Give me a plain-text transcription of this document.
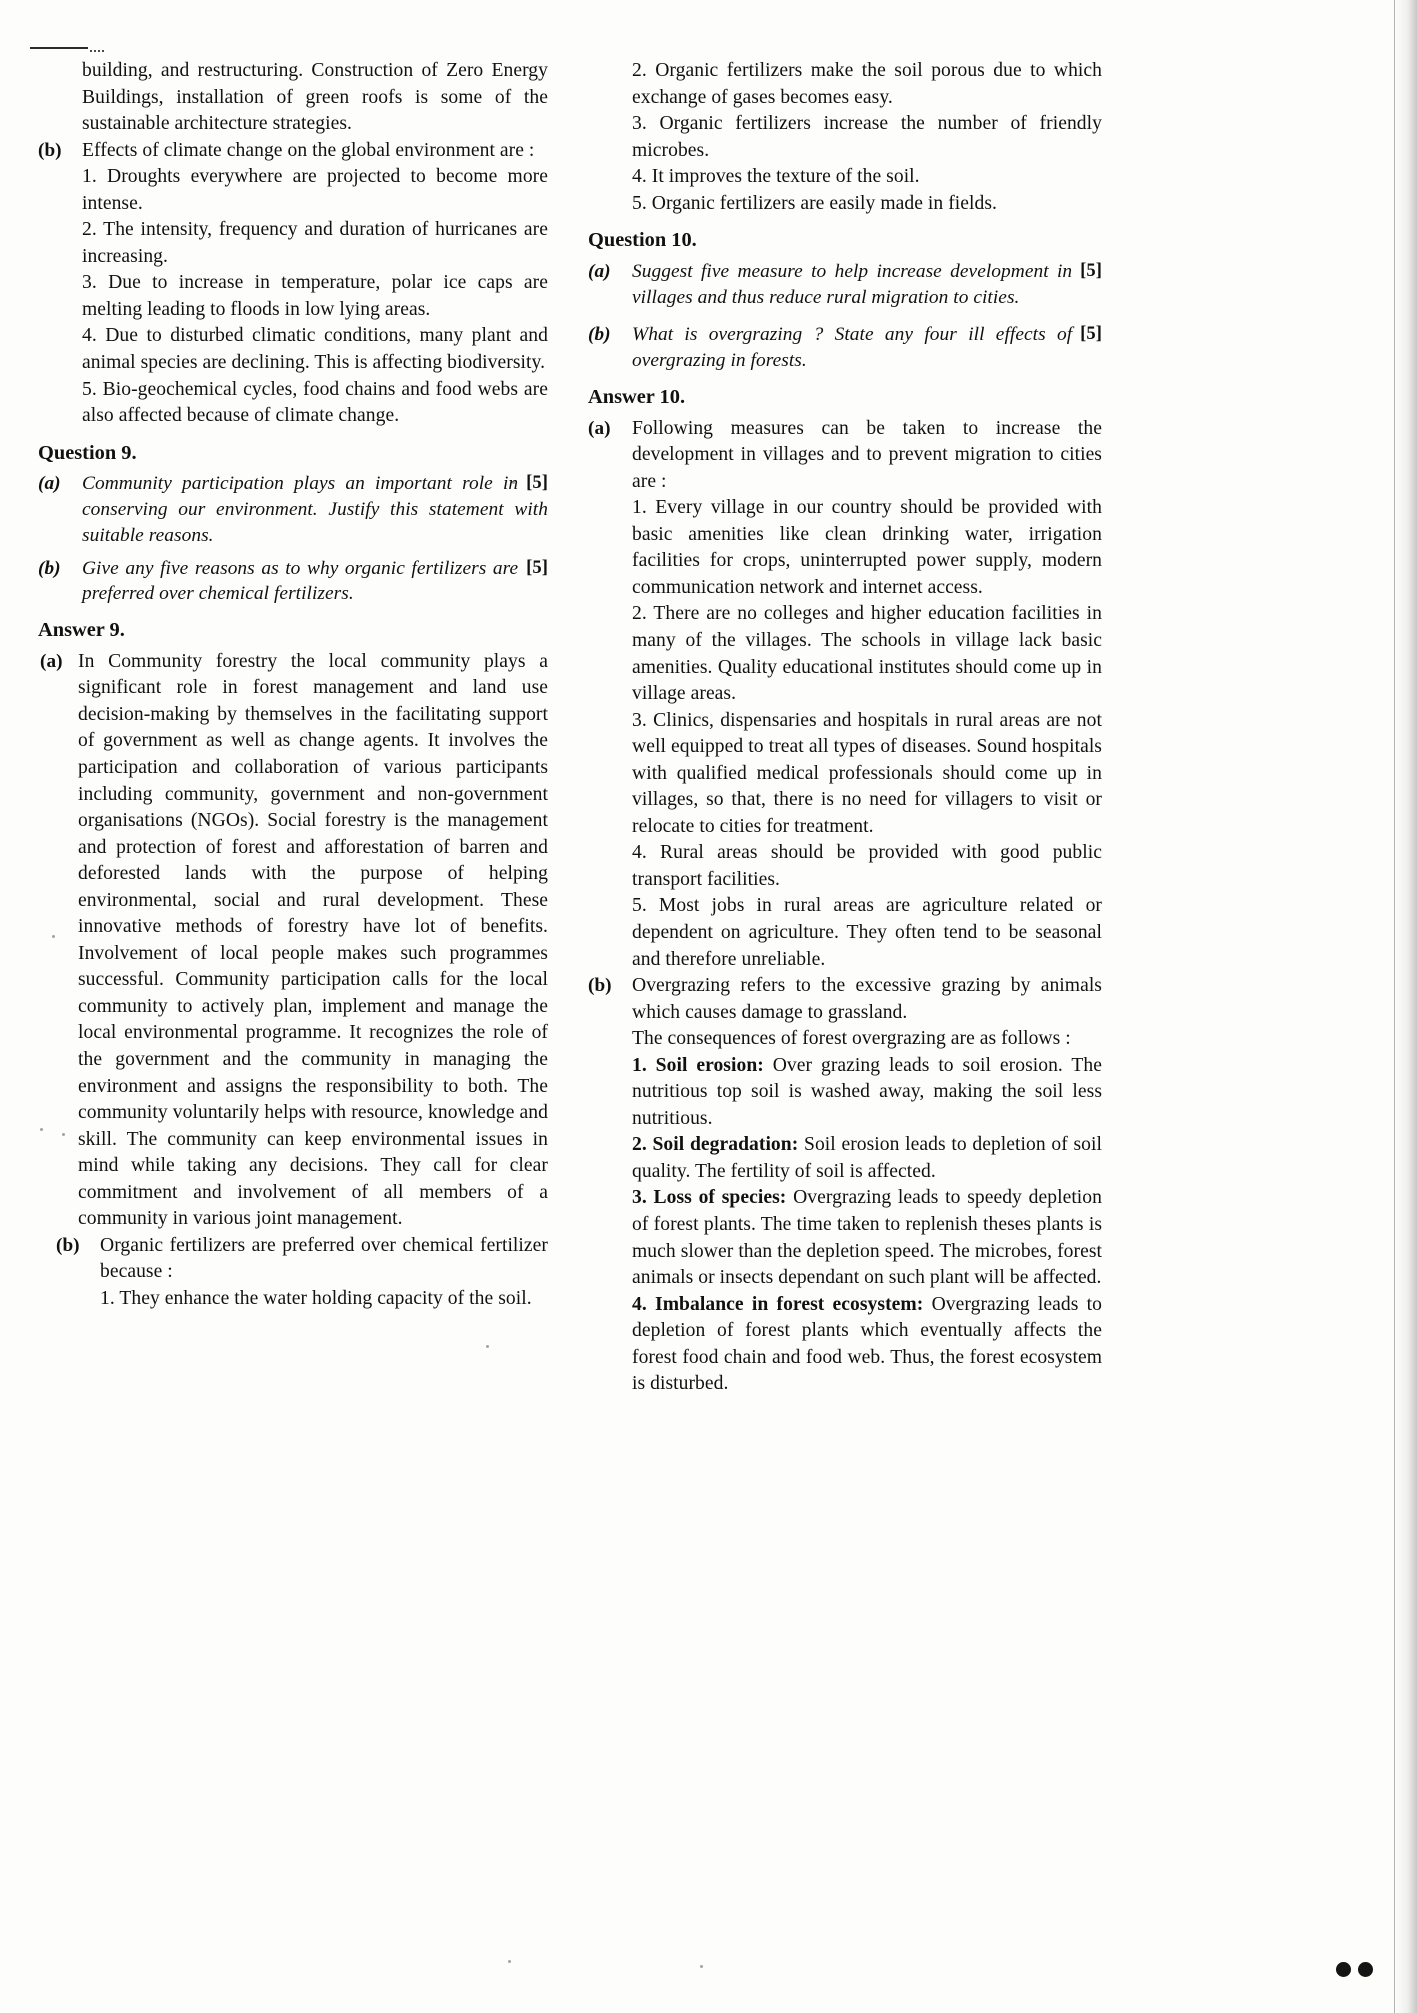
building, and restructuring. Construction of Zero Energy Buildings, installation of green roofs is some of the sustainable architecture strategies.
(b) Effects of climate change on the global environment are :
1. Droughts everywhere are projected to become more intense.
2. The intensity, frequency and duration of hurricanes are increasing.
3. Due to increase in temperature, polar ice caps are melting leading to floods in low lying areas.
4. Due to disturbed climatic conditions, many plant and animal species are declining. This is affecting biodiversity.
5. Bio-geochemical cycles, food chains and food webs are also affected because of climate change.
Question 9.
(a)	[5]
Community participation plays an important role in conserving our environment. Justify this statement with suitable reasons.
(b)	[5]
Give any five reasons as to why organic fertilizers are preferred over chemical fertilizers.
Answer 9.
(a) In Community forestry the local community plays a significant role in forest management and land use decision-making by themselves in the facilitating support of government as well as change agents. It involves the participation and collaboration of various participants including community, government and non-government organisations (NGOs). Social forestry is the management and protection of forest and afforestation of barren and deforested lands with the purpose of helping environmental, social and rural development. These innovative methods of forestry have lot of benefits. Involvement of local people makes such programmes successful. Community participation calls for the local community to actively plan, implement and manage the local environmental programme. It recognizes the role of the government and the community in managing the environment and assigns the responsibility to both. The community voluntarily helps with resource, knowledge and skill. The community can keep environmental issues in mind while taking any decisions. They call for clear commitment and involvement of all members of a community in various joint management.
(b) Organic fertilizers are preferred over chemical fertilizer because :
1. They enhance the water holding capacity of the soil.
2. Organic fertilizers make the soil porous due to which exchange of gases becomes easy.
3. Organic fertilizers increase the number of friendly microbes.
4. It improves the texture of the soil.
5. Organic fertilizers are easily made in fields.
Question 10.
(a)	[5]
Suggest five measure to help increase development in villages and thus reduce rural migration to cities.
(b)	[5]
What is overgrazing ? State any four ill effects of overgrazing in forests.
Answer 10.
(a) Following measures can be taken to increase the development in villages and to prevent migration to cities are :
1. Every village in our country should be provided with basic amenities like clean drinking water, irrigation facilities for crops, uninterrupted power supply, modern communication network and internet access.
2. There are no colleges and higher education facilities in many of the villages. The schools in village lack basic amenities. Quality educational institutes should come up in village areas.
3. Clinics, dispensaries and hospitals in rural areas are not well equipped to treat all types of diseases. Sound hospitals with qualified medical professionals should come up in villages, so that, there is no need for villagers to visit or relocate to cities for treatment.
4. Rural areas should be provided with good public transport facilities.
5. Most jobs in rural areas are agriculture related or dependent on agriculture. They often tend to be seasonal and therefore unreliable.
(b) Overgrazing refers to the excessive grazing by animals which causes damage to grassland.
The consequences of forest overgrazing are as follows :
1. Soil erosion: Over grazing leads to soil erosion. The nutritious top soil is washed away, making the soil less nutritious.
2. Soil degradation: Soil erosion leads to depletion of soil quality. The fertility of soil is affected.
3. Loss of species: Overgrazing leads to speedy depletion of forest plants. The time taken to replenish theses plants is much slower than the depletion speed. The microbes, forest animals or insects dependant on such plant will be affected.
4. Imbalance in forest ecosystem: Overgrazing leads to depletion of forest plants which eventually affects the forest food chain and food web. Thus, the forest ecosystem is disturbed.
